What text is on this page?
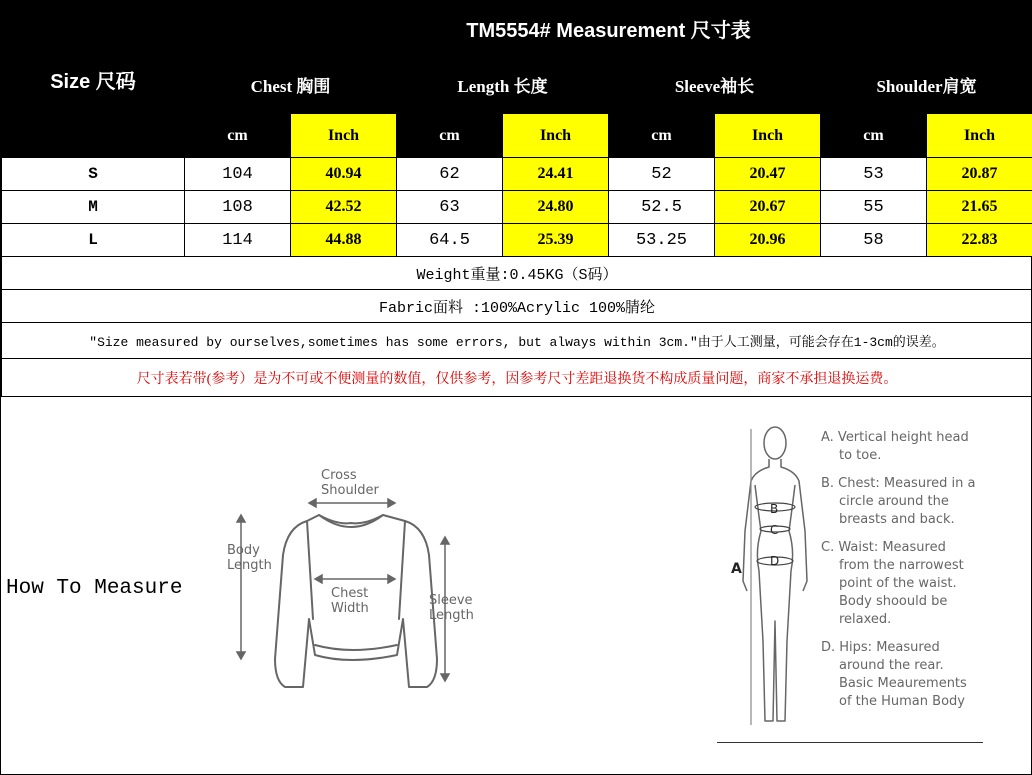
Size 尺码	TM5554# Measurement 尺寸表							
	Chest 胸围		Length 长度		Sleeve袖长		Shoulder肩宽	
	cm	Inch	cm	Inch	cm	Inch	cm	Inch
S	104	40.94	62	24.41	52	20.47	53	20.87
M	108	42.52	63	24.80	52.5	20.67	55	21.65
L	114	44.88	64.5	25.39	53.25	20.96	58	22.83
Weight重量:0.45KG（S码）								
Fabric面料 :100%Acrylic 100%腈纶								
"Size measured by ourselves,sometimes has some errors, but always within 3cm."由于人工测量，可能会存在1-3cm的误差。								
尺寸表若带(参考）是为不可或不便测量的数值，仅供参考，因参考尺寸差距退换货不构成质量问题，商家不承担退换运费。								
How To Measure
Cross
Shoulder
Body
Length
Chest
Width
Sleeve
Length
A
B
C
D
A. Vertical height head
to toe.
B. Chest: Measured in a
circle around the
breasts and back.
C. Waist: Measured
from the narrowest
point of the waist.
Body shoould be
relaxed.
D. Hips: Measured
around the rear.
Basic Meaurements
of the Human Body
